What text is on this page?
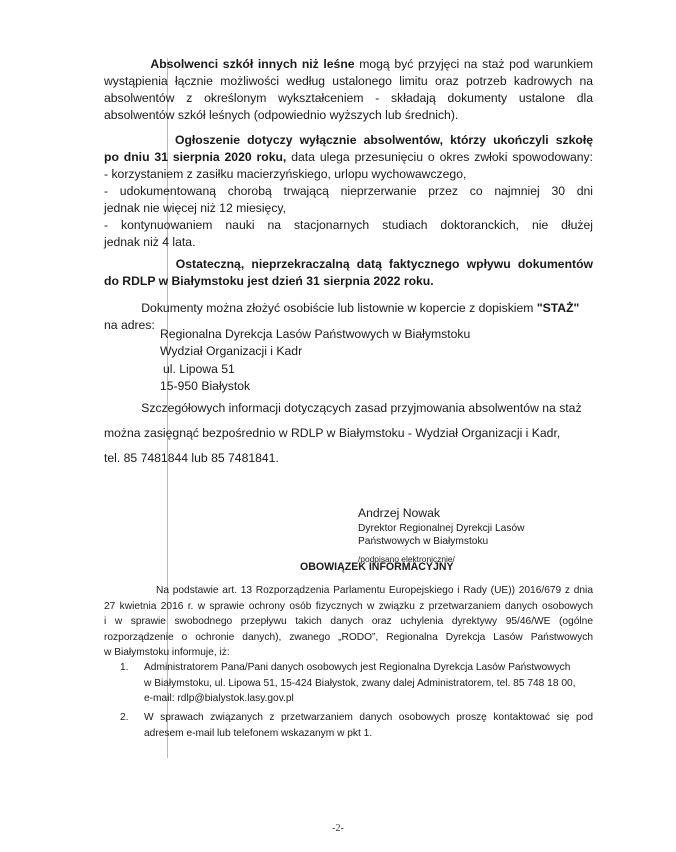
Absolwenci szkół innych niż leśne mogą być przyjęci na staż pod warunkiem
wystąpienia łącznie możliwości według ustalonego limitu oraz potrzeb kadrowych na
absolwentów z określonym wykształceniem - składają dokumenty ustalone dla
absolwentów szkół leśnych (odpowiednio wyższych lub średnich).
Ogłoszenie dotyczy wyłącznie absolwentów, którzy ukończyli szkołę
po dniu 31 sierpnia 2020 roku, data ulega przesunięciu o okres zwłoki spowodowany:
- korzystaniem z zasiłku macierzyńskiego, urlopu wychowawczego,
- udokumentowaną chorobą trwającą nieprzerwanie przez co najmniej 30 dni
jednak nie więcej niż 12 miesięcy,
- kontynuowaniem nauki na stacjonarnych studiach doktoranckich, nie dłużej
jednak niż 4 lata.
Ostateczną, nieprzekraczalną datą faktycznego wpływu dokumentów
do RDLP w Białymstoku jest dzień 31 sierpnia 2022 roku.
Dokumenty można złożyć osobiście lub listownie w kopercie z dopiskiem "STAŻ"
na adres:
Regionalna Dyrekcja Lasów Państwowych w Białymstoku
Wydział Organizacji i Kadr
ul. Lipowa 51
15-950 Białystok
Szczegółowych informacji dotyczących zasad przyjmowania absolwentów na staż
można zasięgnąć bezpośrednio w RDLP w Białymstoku - Wydział Organizacji i Kadr,
tel. 85 7481844 lub 85 7481841.
Andrzej Nowak
Dyrektor Regionalnej Dyrekcji Lasów
Państwowych w Białymstoku
/podpisano elektronicznie/
OBOWIĄZEK INFORMACYJNY
Na podstawie art. 13 Rozporządzenia Parlamentu Europejskiego i Rady (UE)) 2016/679 z dnia
27 kwietnia 2016 r. w sprawie ochrony osób fizycznych w związku z przetwarzaniem danych osobowych
i w sprawie swobodnego przepływu takich danych oraz uchylenia dyrektywy 95/46/WE (ogólne
rozporządzenie o ochronie danych), zwanego „RODO”, Regionalna Dyrekcja Lasów Państwowych
w Białymstoku informuje, iż:
1. Administratorem Pana/Pani danych osobowych jest Regionalna Dyrekcja Lasów Państwowych
w Białymstoku, ul. Lipowa 51, 15-424 Białystok, zwany dalej Administratorem, tel. 85 748 18 00,
e-mail: rdlp@bialystok.lasy.gov.pl
2. W sprawach związanych z przetwarzaniem danych osobowych proszę kontaktować się pod
adresem e-mail lub telefonem wskazanym w pkt 1.
-2-
